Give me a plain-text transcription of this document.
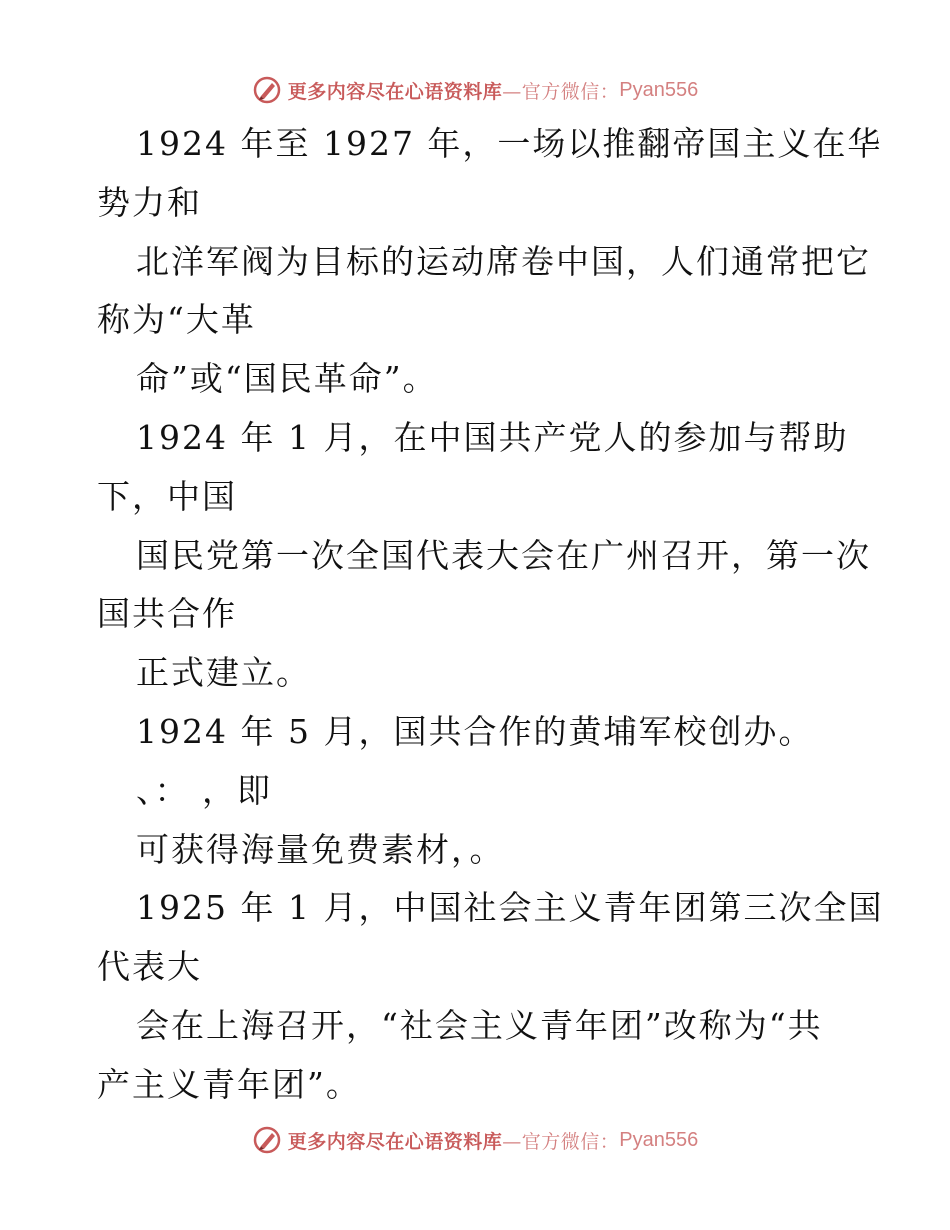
更多内容尽在心语资料库 —官方微信： Pyan556
1924 年至 1927 年，一场以推翻帝国主义在华
势力和
北洋军阀为目标的运动席卷中国，人们通常把它
称为“大革
命”或“国民革命”。
1924 年 1 月，在中国共产党人的参加与帮助
下，中国
国民党第一次全国代表大会在广州召开，第一次
国共合作
正式建立。
1924 年 5 月，国共合作的黄埔军校创办。
、： ，即
可获得海量免费素材，。
1925 年 1 月，中国社会主义青年团第三次全国
代表大
会在上海召开，“社会主义青年团”改称为“共
产主义青年团”。
更多内容尽在心语资料库 —官方微信： Pyan556
